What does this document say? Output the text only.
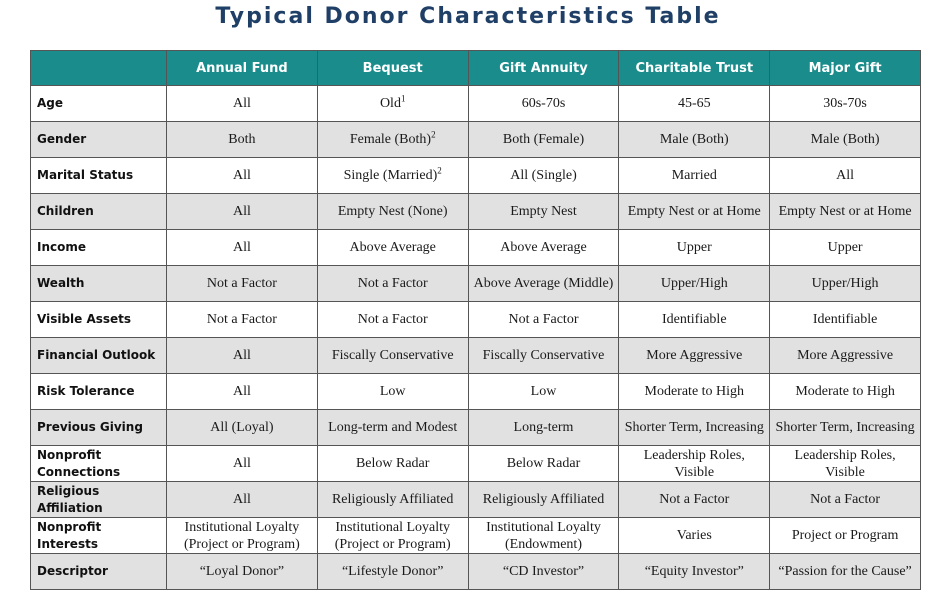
Typical Donor Characteristics Table
	Annual Fund	Bequest	Gift Annuity	Charitable Trust	Major Gift
Age	All	Old$^1$	60s-70s	45-65	30s-70s
Gender	Both	Female (Both)$^2$	Both (Female)	Male (Both)	Male (Both)
Marital Status	All	Single (Married)$^2$	All (Single)	Married	All
Children	All	Empty Nest (None)	Empty Nest	Empty Nest or at Home	Empty Nest or at Home
Income	All	Above Average	Above Average	Upper	Upper
Wealth	Not a Factor	Not a Factor	Above Average (Middle)	Upper/High	Upper/High
Visible Assets	Not a Factor	Not a Factor	Not a Factor	Identifiable	Identifiable
Financial Outlook	All	Fiscally Conservative	Fiscally Conservative	More Aggressive	More Aggressive
Risk Tolerance	All	Low	Low	Moderate to High	Moderate to High
Previous Giving	All (Loyal)	Long-term and Modest	Long-term	Shorter Term, Increasing	Shorter Term, Increasing
Nonprofit Connections	All	Below Radar	Below Radar	Leadership Roles, Visible	Leadership Roles, Visible
Religious Affiliation	All	Religiously Affiliated	Religiously Affiliated	Not a Factor	Not a Factor
Nonprofit Interests	Institutional Loyalty (Project or Program)	Institutional Loyalty (Project or Program)	Institutional Loyalty (Endowment)	Varies	Project or Program
Descriptor	“Loyal Donor”	“Lifestyle Donor”	“CD Investor”	“Equity Investor”	“Passion for the Cause”
